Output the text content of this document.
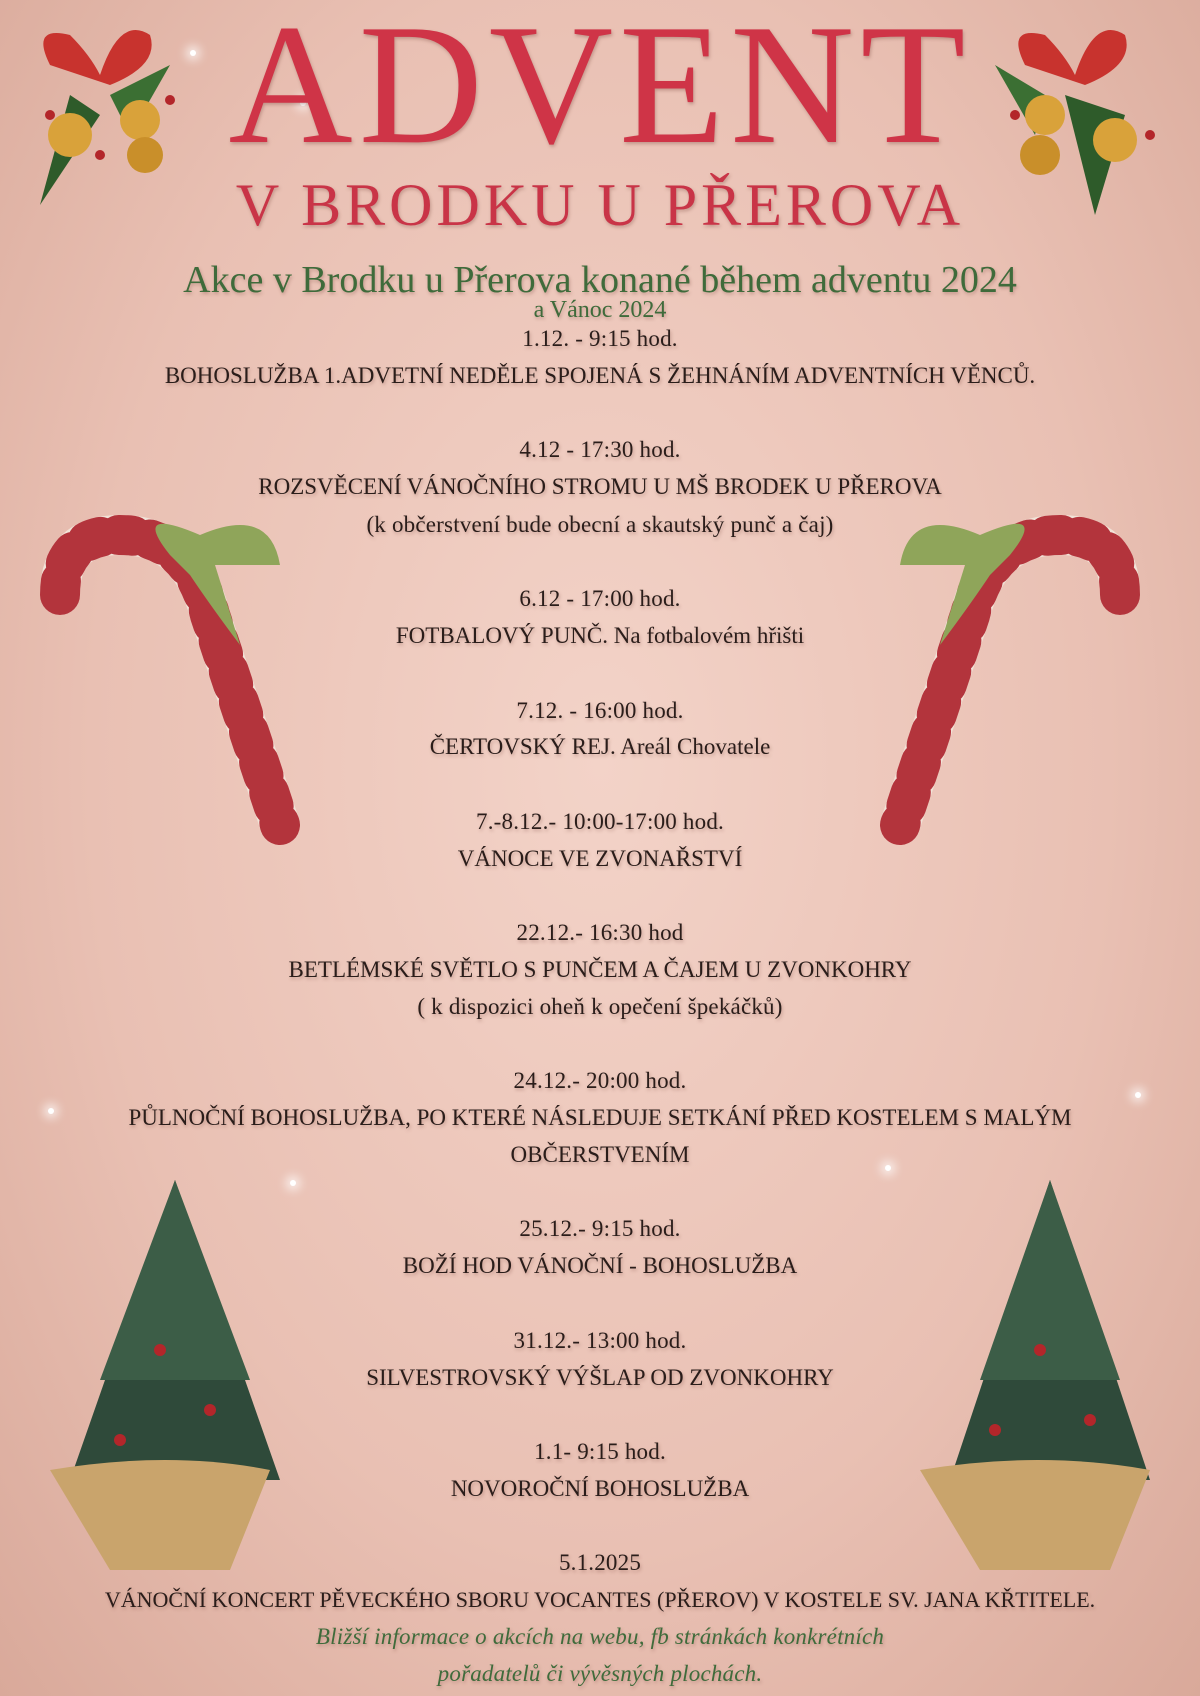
ADVENT
V BRODKU U PŘEROVA
Akce v Brodku u Přerova konané během adventu 2024
a Vánoc 2024
1.12. - 9:15 hod.
BOHOSLUŽBA 1.ADVETNÍ NEDĚLE SPOJENÁ S ŽEHNÁNÍM ADVENTNÍCH VĚNCŮ.
4.12 - 17:30 hod.
ROZSVĚCENÍ VÁNOČNÍHO STROMU U MŠ BRODEK U PŘEROVA
(k občerstvení bude obecní a skautský punč a čaj)
6.12 - 17:00 hod.
FOTBALOVÝ PUNČ. Na fotbalovém hřišti
7.12. - 16:00 hod.
ČERTOVSKÝ REJ. Areál Chovatele
7.-8.12.- 10:00-17:00 hod.
VÁNOCE VE ZVONAŘSTVÍ
22.12.- 16:30 hod
BETLÉMSKÉ SVĚTLO S PUNČEM A ČAJEM U ZVONKOHRY
( k dispozici oheň k opečení špekáčků)
24.12.- 20:00 hod.
PŮLNOČNÍ BOHOSLUŽBA, PO KTERÉ NÁSLEDUJE SETKÁNÍ PŘED KOSTELEM S MALÝM
OBČERSTVENÍM
25.12.- 9:15 hod.
BOŽÍ HOD VÁNOČNÍ - BOHOSLUŽBA
31.12.- 13:00 hod.
SILVESTROVSKÝ VÝŠLAP OD ZVONKOHRY
1.1- 9:15 hod.
NOVOROČNÍ BOHOSLUŽBA
5.1.2025
VÁNOČNÍ KONCERT PĚVECKÉHO SBORU VOCANTES (PŘEROV) V KOSTELE SV. JANA KŘTITELE.
Bližší informace o akcích na webu, fb stránkách konkrétních
pořadatelů či vývěsných plochách.
